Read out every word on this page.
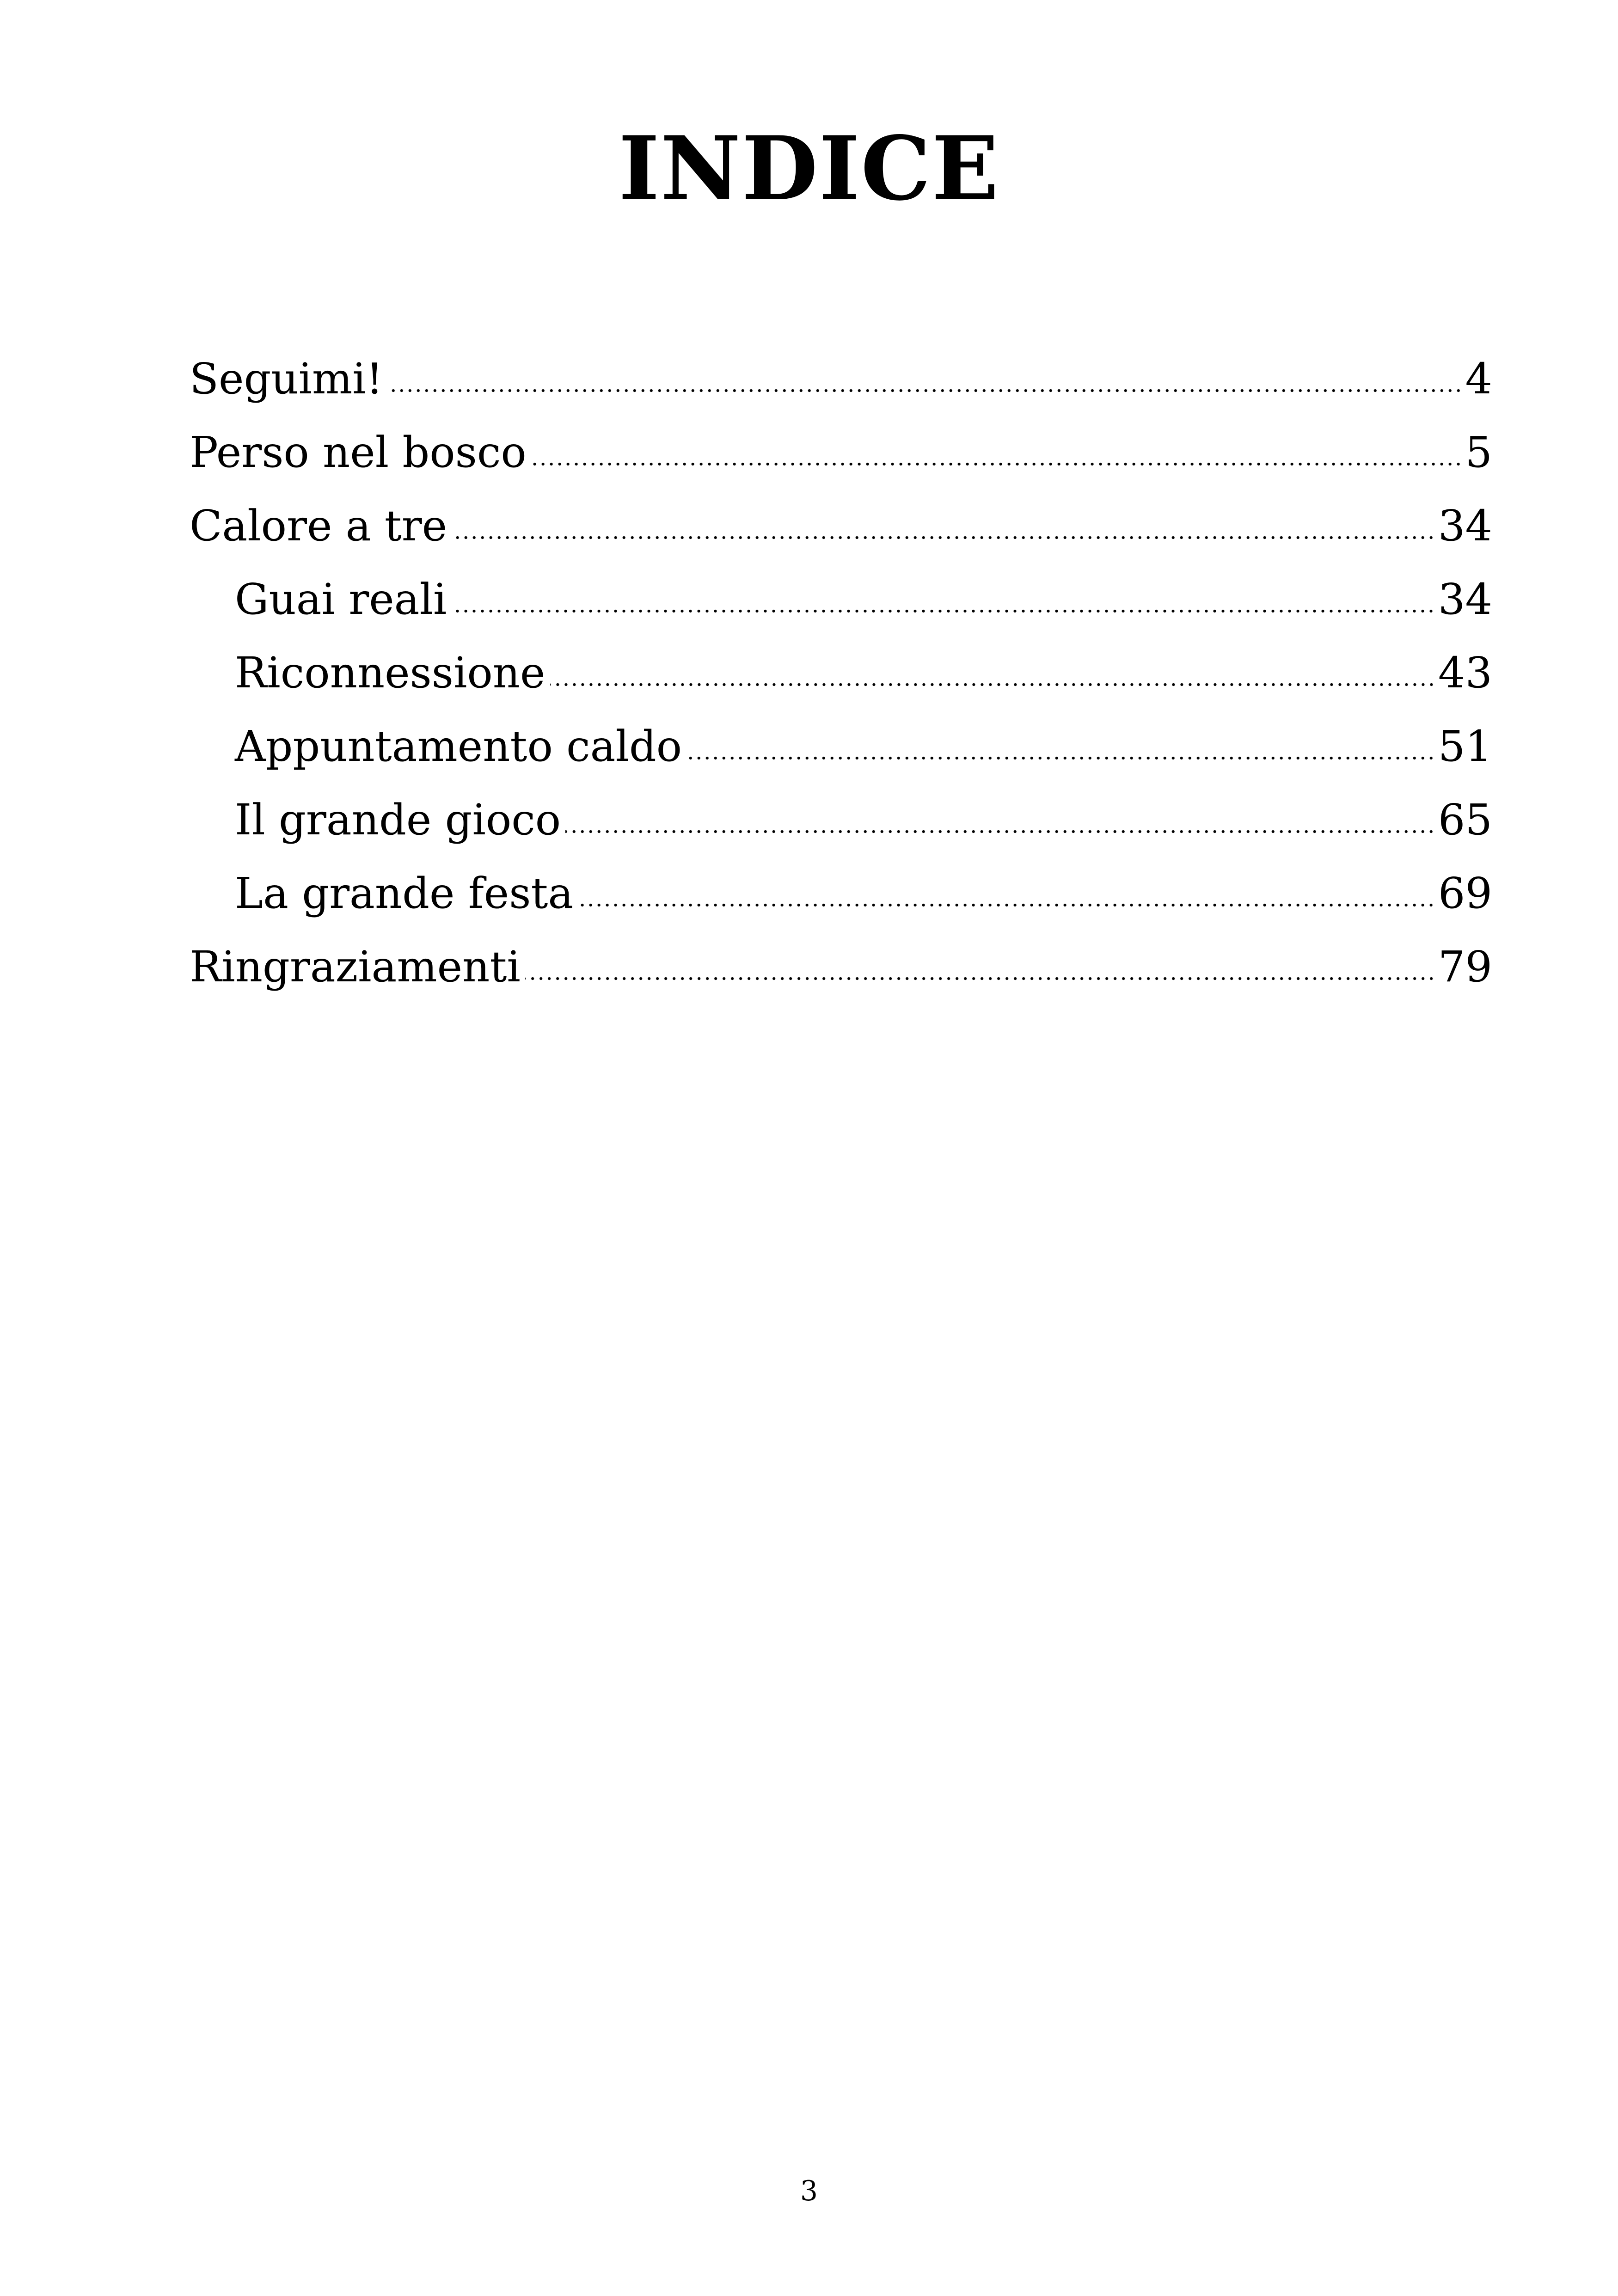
INDICE
Seguimi!	4
Perso nel bosco	5
Calore a tre	34
Guai reali	34
Riconnessione	43
Appuntamento caldo	51
Il grande gioco	65
La grande festa	69
Ringraziamenti	79
3
